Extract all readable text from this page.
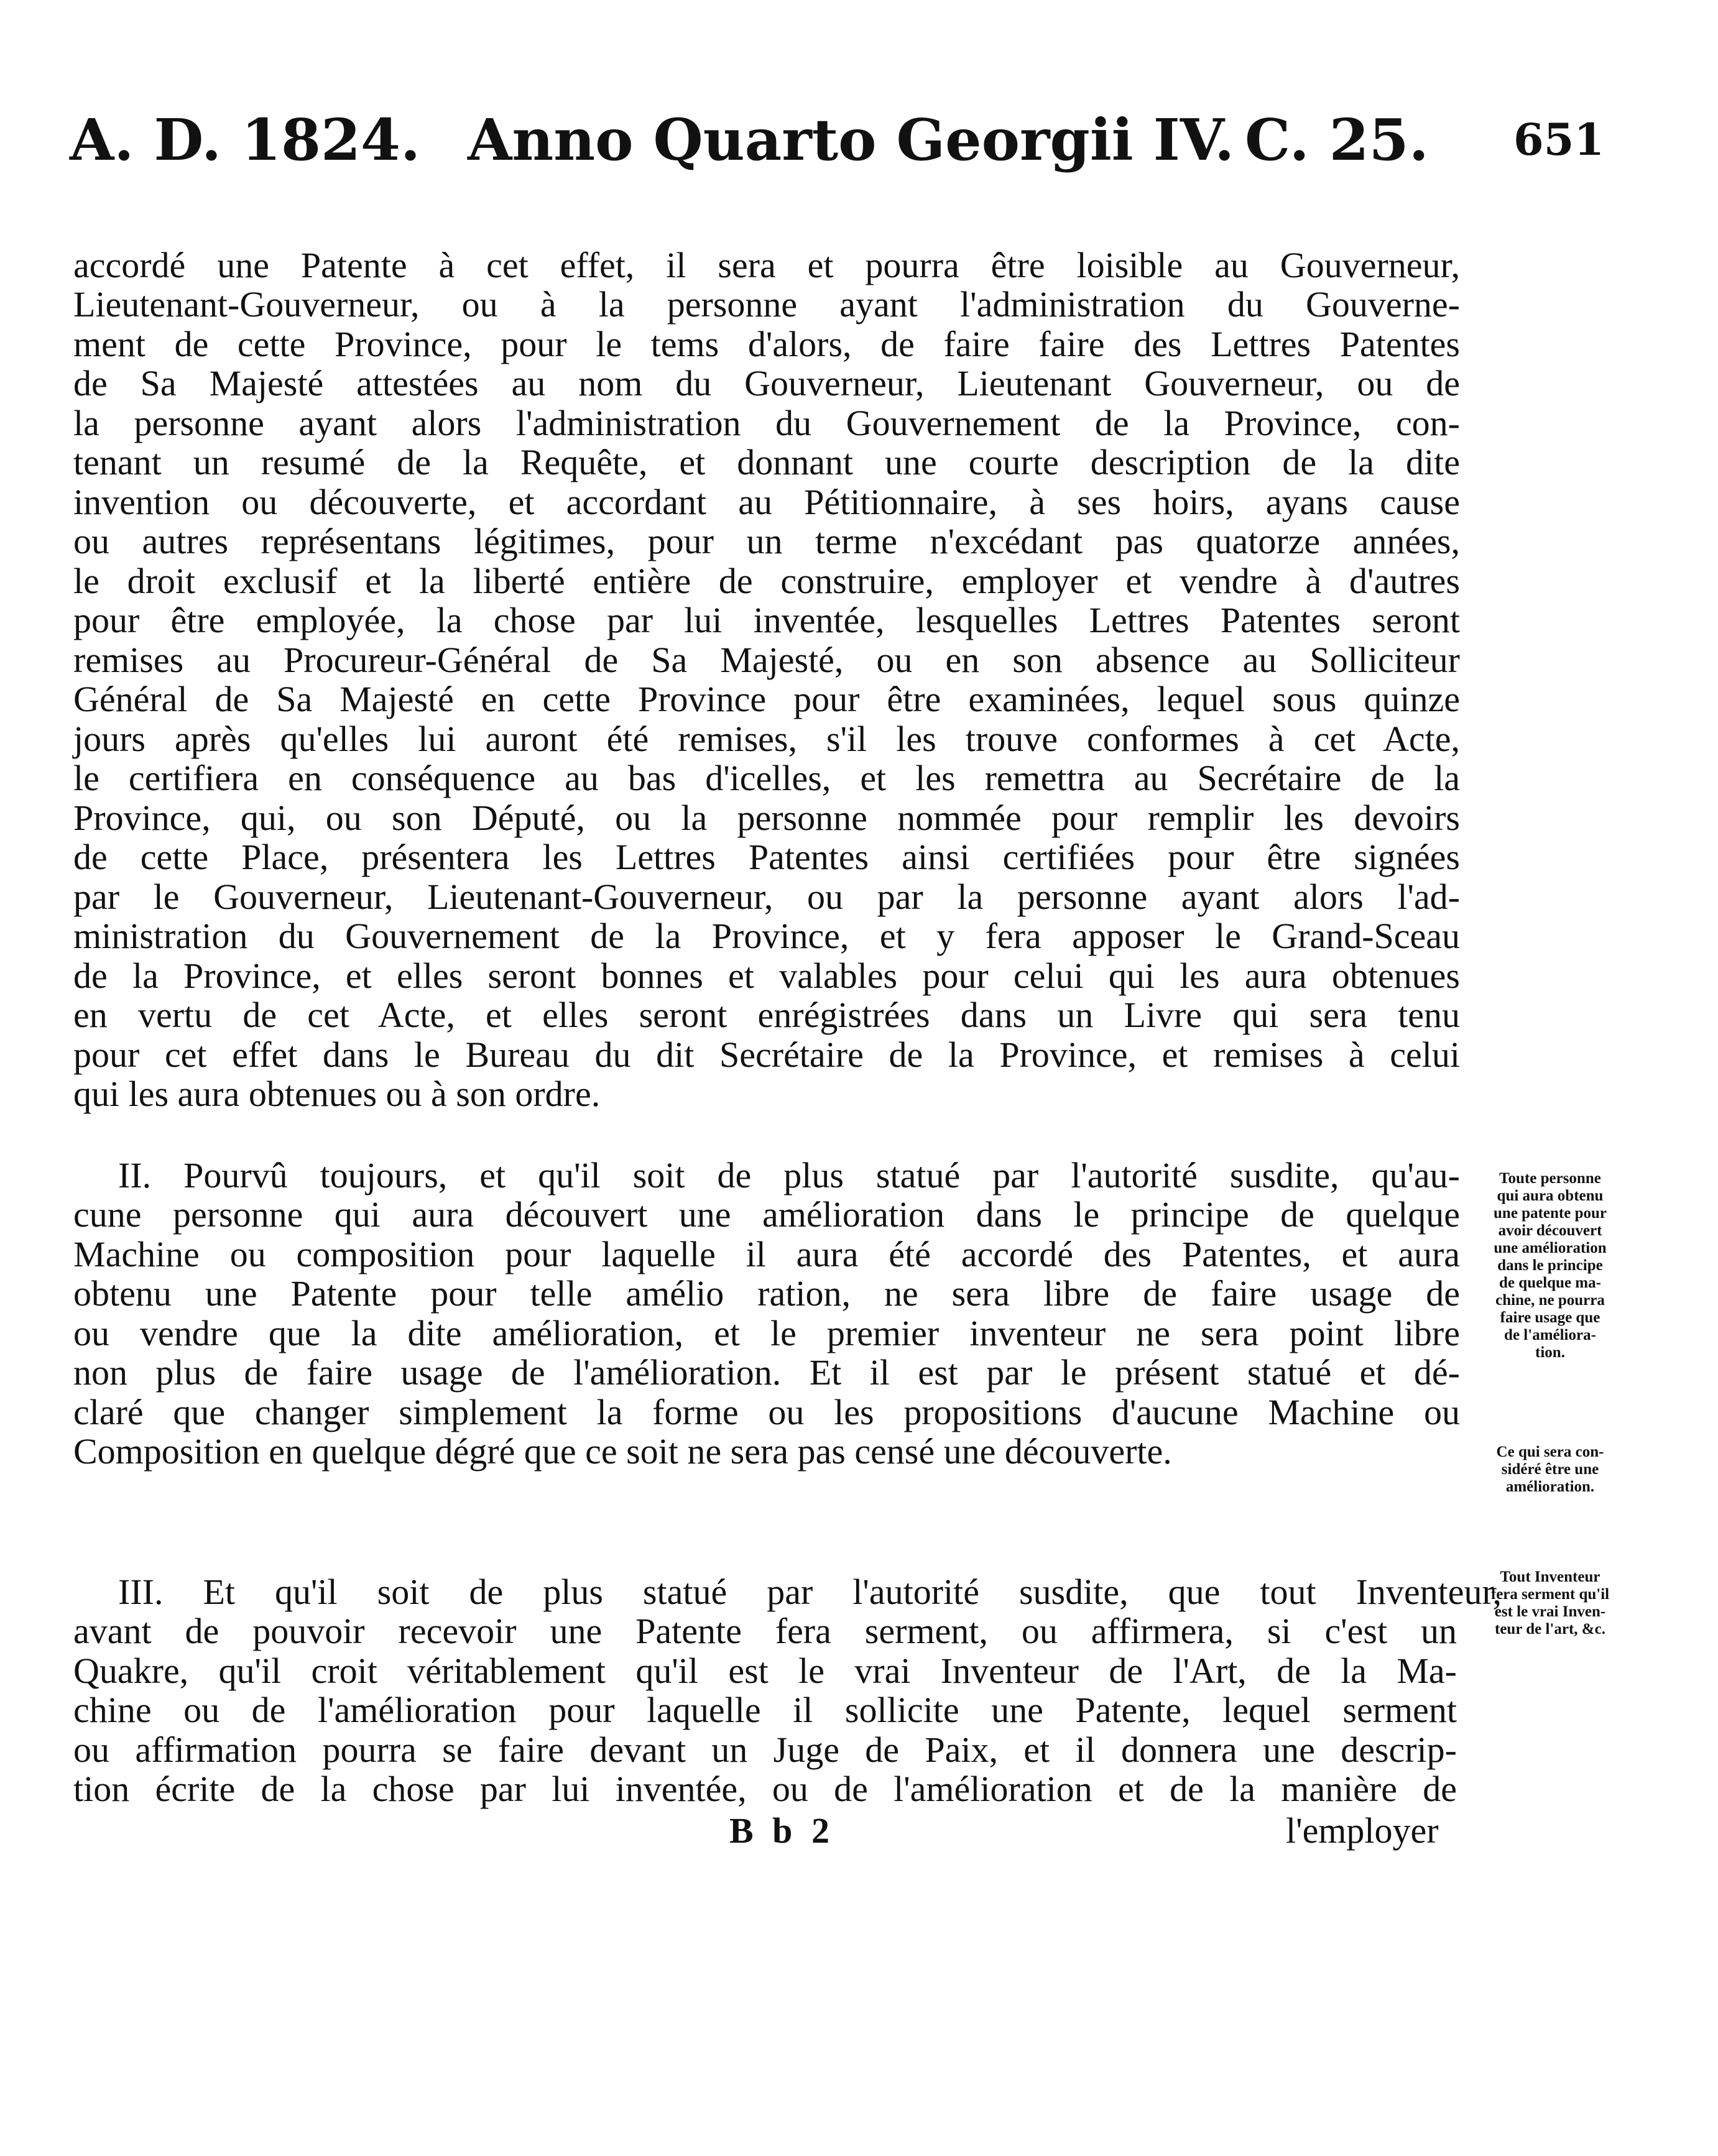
A. D. 1824. Anno Quarto Georgii IV. C. 25. 651
accordé une Patente à cet effet, il sera et pourra être loisible au Gouverneur,
Lieutenant-Gouverneur, ou à la personne ayant l'administration du Gouverne-
ment de cette Province, pour le tems d'alors, de faire faire des Lettres Patentes
de Sa Majesté attestées au nom du Gouverneur, Lieutenant Gouverneur, ou de
la personne ayant alors l'administration du Gouvernement de la Province, con-
tenant un resumé de la Requête, et donnant une courte description de la dite
invention ou découverte, et accordant au Pétitionnaire, à ses hoirs, ayans cause
ou autres représentans légitimes, pour un terme n'excédant pas quatorze années,
le droit exclusif et la liberté entière de construire, employer et vendre à d'autres
pour être employée, la chose par lui inventée, lesquelles Lettres Patentes seront
remises au Procureur-Général de Sa Majesté, ou en son absence au Solliciteur
Général de Sa Majesté en cette Province pour être examinées, lequel sous quinze
jours après qu'elles lui auront été remises, s'il les trouve conformes à cet Acte,
le certifiera en conséquence au bas d'icelles, et les remettra au Secrétaire de la
Province, qui, ou son Député, ou la personne nommée pour remplir les devoirs
de cette Place, présentera les Lettres Patentes ainsi certifiées pour être signées
par le Gouverneur, Lieutenant-Gouverneur, ou par la personne ayant alors l'ad-
ministration du Gouvernement de la Province, et y fera apposer le Grand-Sceau
de la Province, et elles seront bonnes et valables pour celui qui les aura obtenues
en vertu de cet Acte, et elles seront enrégistrées dans un Livre qui sera tenu
pour cet effet dans le Bureau du dit Secrétaire de la Province, et remises à celui
qui les aura obtenues ou à son ordre.
II. Pourvû toujours, et qu'il soit de plus statué par l'autorité susdite, qu'au-
cune personne qui aura découvert une amélioration dans le principe de quelque
Machine ou composition pour laquelle il aura été accordé des Patentes, et aura
obtenu une Patente pour telle amélio ration, ne sera libre de faire usage de
ou vendre que la dite amélioration, et le premier inventeur ne sera point libre
non plus de faire usage de l'amélioration. Et il est par le présent statué et dé-
claré que changer simplement la forme ou les propositions d'aucune Machine ou
Composition en quelque dégré que ce soit ne sera pas censé une découverte.
III. Et qu'il soit de plus statué par l'autorité susdite, que tout Inventeur,
avant de pouvoir recevoir une Patente fera serment, ou affirmera, si c'est un
Quakre, qu'il croit véritablement qu'il est le vrai Inventeur de l'Art, de la Ma-
chine ou de l'amélioration pour laquelle il sollicite une Patente, lequel serment
ou affirmation pourra se faire devant un Juge de Paix, et il donnera une descrip-
tion écrite de la chose par lui inventée, ou de l'amélioration et de la manière de
Toute personne
qui aura obtenu
une patente pour
avoir découvert
une amélioration
dans le principe
de quelque ma-
chine, ne pourra
faire usage que
de l'améliora-
tion.
Ce qui sera con-
sidéré être une
amélioration.
Tout Inventeur
fera serment qu'il
est le vrai Inven-
teur de l'art, &c.
B b 2	l'employer
